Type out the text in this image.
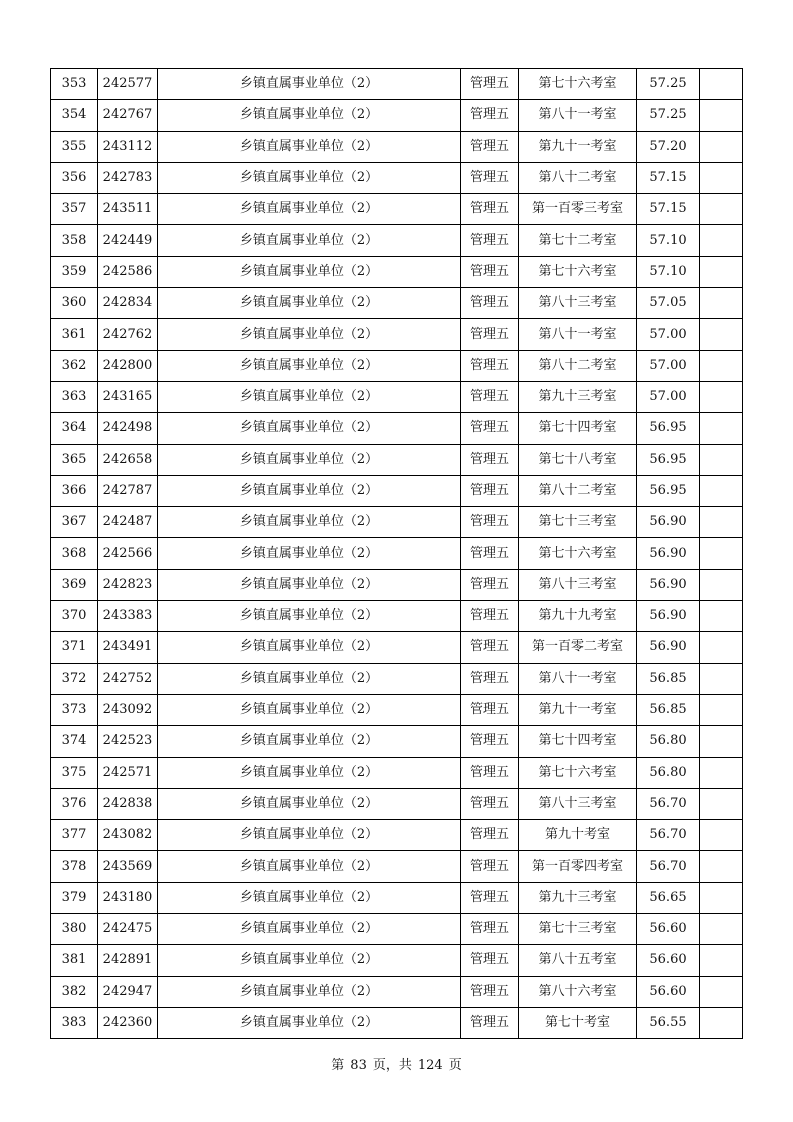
353	242577	乡镇直属事业单位（2）	管理五	第七十六考室	57.25	
354	242767	乡镇直属事业单位（2）	管理五	第八十一考室	57.25	
355	243112	乡镇直属事业单位（2）	管理五	第九十一考室	57.20	
356	242783	乡镇直属事业单位（2）	管理五	第八十二考室	57.15	
357	243511	乡镇直属事业单位（2）	管理五	第一百零三考室	57.15	
358	242449	乡镇直属事业单位（2）	管理五	第七十二考室	57.10	
359	242586	乡镇直属事业单位（2）	管理五	第七十六考室	57.10	
360	242834	乡镇直属事业单位（2）	管理五	第八十三考室	57.05	
361	242762	乡镇直属事业单位（2）	管理五	第八十一考室	57.00	
362	242800	乡镇直属事业单位（2）	管理五	第八十二考室	57.00	
363	243165	乡镇直属事业单位（2）	管理五	第九十三考室	57.00	
364	242498	乡镇直属事业单位（2）	管理五	第七十四考室	56.95	
365	242658	乡镇直属事业单位（2）	管理五	第七十八考室	56.95	
366	242787	乡镇直属事业单位（2）	管理五	第八十二考室	56.95	
367	242487	乡镇直属事业单位（2）	管理五	第七十三考室	56.90	
368	242566	乡镇直属事业单位（2）	管理五	第七十六考室	56.90	
369	242823	乡镇直属事业单位（2）	管理五	第八十三考室	56.90	
370	243383	乡镇直属事业单位（2）	管理五	第九十九考室	56.90	
371	243491	乡镇直属事业单位（2）	管理五	第一百零二考室	56.90	
372	242752	乡镇直属事业单位（2）	管理五	第八十一考室	56.85	
373	243092	乡镇直属事业单位（2）	管理五	第九十一考室	56.85	
374	242523	乡镇直属事业单位（2）	管理五	第七十四考室	56.80	
375	242571	乡镇直属事业单位（2）	管理五	第七十六考室	56.80	
376	242838	乡镇直属事业单位（2）	管理五	第八十三考室	56.70	
377	243082	乡镇直属事业单位（2）	管理五	第九十考室	56.70	
378	243569	乡镇直属事业单位（2）	管理五	第一百零四考室	56.70	
379	243180	乡镇直属事业单位（2）	管理五	第九十三考室	56.65	
380	242475	乡镇直属事业单位（2）	管理五	第七十三考室	56.60	
381	242891	乡镇直属事业单位（2）	管理五	第八十五考室	56.60	
382	242947	乡镇直属事业单位（2）	管理五	第八十六考室	56.60	
383	242360	乡镇直属事业单位（2）	管理五	第七十考室	56.55	
第 83 页，共 124 页
